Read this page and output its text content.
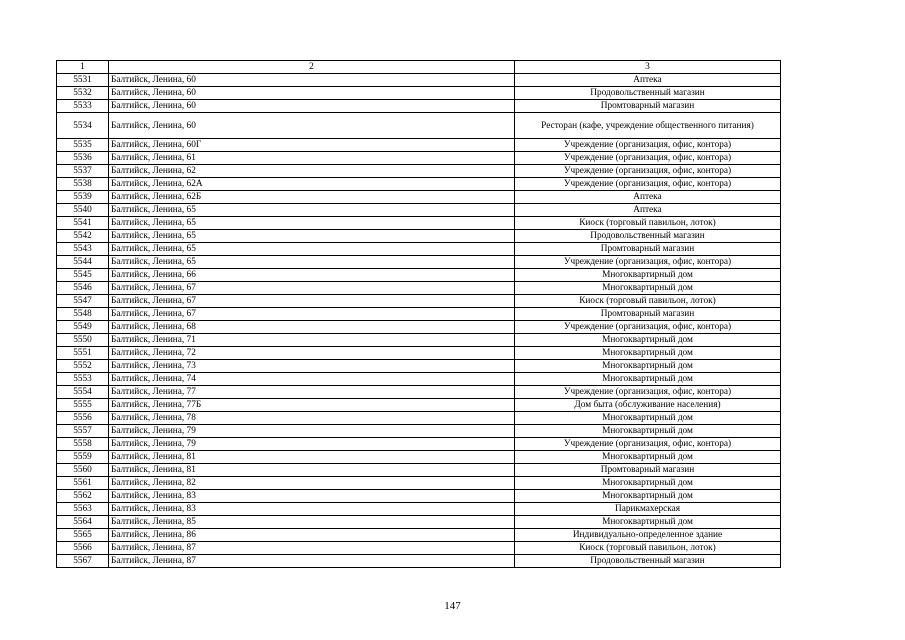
1	2	3
5531	Балтийск, Ленина, 60	Аптека
5532	Балтийск, Ленина, 60	Продовольственный магазин
5533	Балтийск, Ленина, 60	Промтоварный магазин
5534	Балтийск, Ленина, 60	Ресторан (кафе, учреждение общественного питания)
5535	Балтийск, Ленина, 60Г	Учреждение (организация, офис, контора)
5536	Балтийск, Ленина, 61	Учреждение (организация, офис, контора)
5537	Балтийск, Ленина, 62	Учреждение (организация, офис, контора)
5538	Балтийск, Ленина, 62А	Учреждение (организация, офис, контора)
5539	Балтийск, Ленина, 62Б	Аптека
5540	Балтийск, Ленина, 65	Аптека
5541	Балтийск, Ленина, 65	Киоск (торговый павильон, лоток)
5542	Балтийск, Ленина, 65	Продовольственный магазин
5543	Балтийск, Ленина, 65	Промтоварный магазин
5544	Балтийск, Ленина, 65	Учреждение (организация, офис, контора)
5545	Балтийск, Ленина, 66	Многоквартирный дом
5546	Балтийск, Ленина, 67	Многоквартирный дом
5547	Балтийск, Ленина, 67	Киоск (торговый павильон, лоток)
5548	Балтийск, Ленина, 67	Промтоварный магазин
5549	Балтийск, Ленина, 68	Учреждение (организация, офис, контора)
5550	Балтийск, Ленина, 71	Многоквартирный дом
5551	Балтийск, Ленина, 72	Многоквартирный дом
5552	Балтийск, Ленина, 73	Многоквартирный дом
5553	Балтийск, Ленина, 74	Многоквартирный дом
5554	Балтийск, Ленина, 77	Учреждение (организация, офис, контора)
5555	Балтийск, Ленина, 77Б	Дом быта (обслуживание населения)
5556	Балтийск, Ленина, 78	Многоквартирный дом
5557	Балтийск, Ленина, 79	Многоквартирный дом
5558	Балтийск, Ленина, 79	Учреждение (организация, офис, контора)
5559	Балтийск, Ленина, 81	Многоквартирный дом
5560	Балтийск, Ленина, 81	Промтоварный магазин
5561	Балтийск, Ленина, 82	Многоквартирный дом
5562	Балтийск, Ленина, 83	Многоквартирный дом
5563	Балтийск, Ленина, 83	Парикмахерская
5564	Балтийск, Ленина, 85	Многоквартирный дом
5565	Балтийск, Ленина, 86	Индивидуально-определенное здание
5566	Балтийск, Ленина, 87	Киоск (торговый павильон, лоток)
5567	Балтийск, Ленина, 87	Продовольственный магазин
147
